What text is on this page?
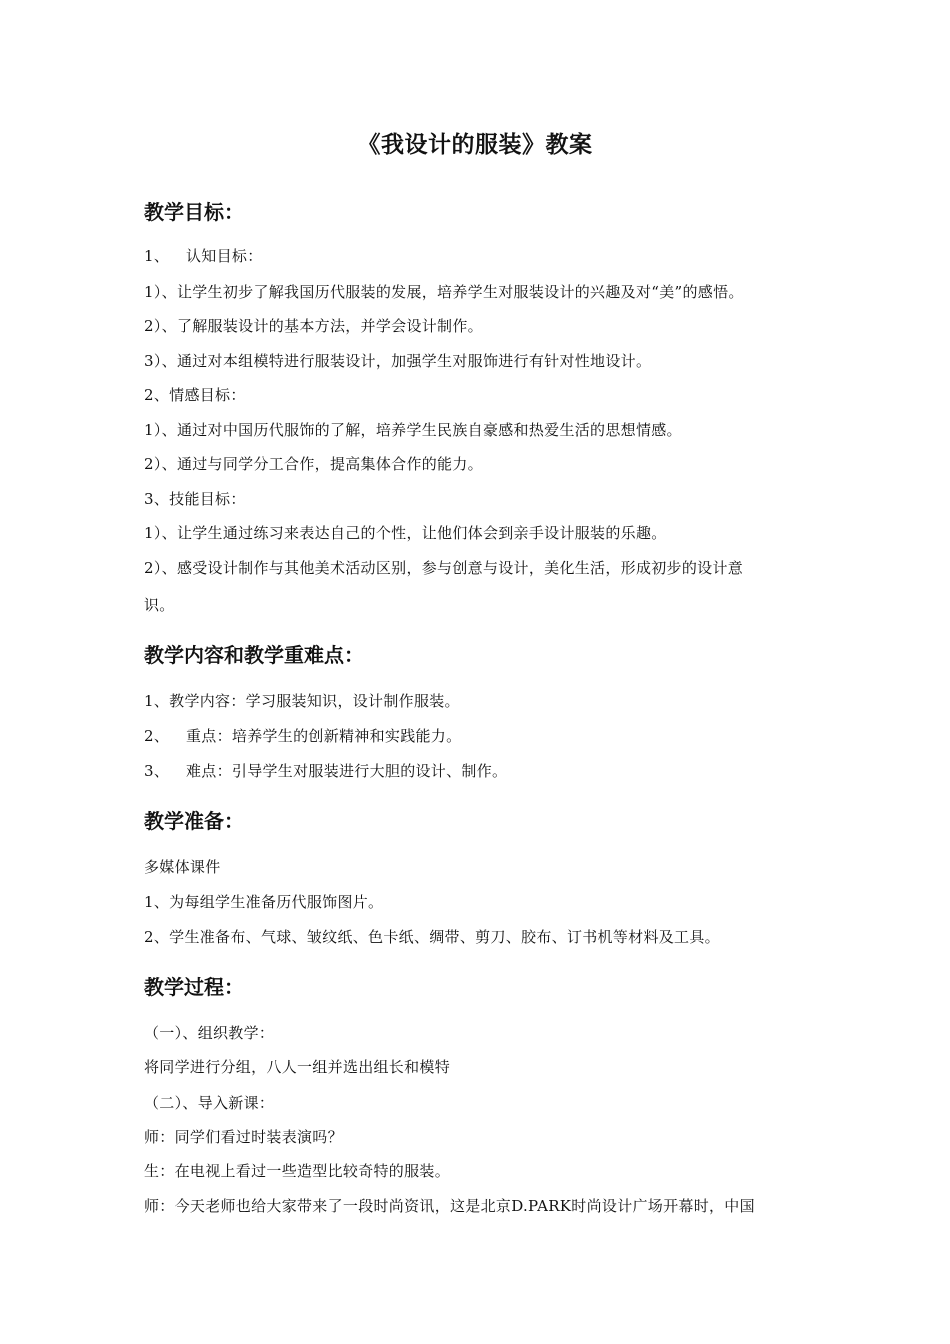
《我设计的服装》教案
教学目标：
1、 认知目标：
1）、让学生初步了解我国历代服装的发展，培养学生对服装设计的兴趣及对“美”的感悟。
2）、了解服装设计的基本方法，并学会设计制作。
3）、通过对本组模特进行服装设计，加强学生对服饰进行有针对性地设计。
2、情感目标：
1）、通过对中国历代服饰的了解，培养学生民族自豪感和热爱生活的思想情感。
2）、通过与同学分工合作，提高集体合作的能力。
3、技能目标：
1）、让学生通过练习来表达自己的个性，让他们体会到亲手设计服装的乐趣。
2）、感受设计制作与其他美术活动区别，参与创意与设计，美化生活，形成初步的设计意
识。
教学内容和教学重难点：
1、教学内容：学习服装知识，设计制作服装。
2、 重点：培养学生的创新精神和实践能力。
3、 难点：引导学生对服装进行大胆的设计、制作。
教学准备：
多媒体课件
1、为每组学生准备历代服饰图片。
2、学生准备布、气球、皱纹纸、色卡纸、绸带、剪刀、胶布、订书机等材料及工具。
教学过程：
（一）、组织教学：
将同学进行分组，八人一组并选出组长和模特
（二）、导入新课：
师：同学们看过时装表演吗？
生：在电视上看过一些造型比较奇特的服装。
师：今天老师也给大家带来了一段时尚资讯，这是北京D.PARK时尚设计广场开幕时，中国
